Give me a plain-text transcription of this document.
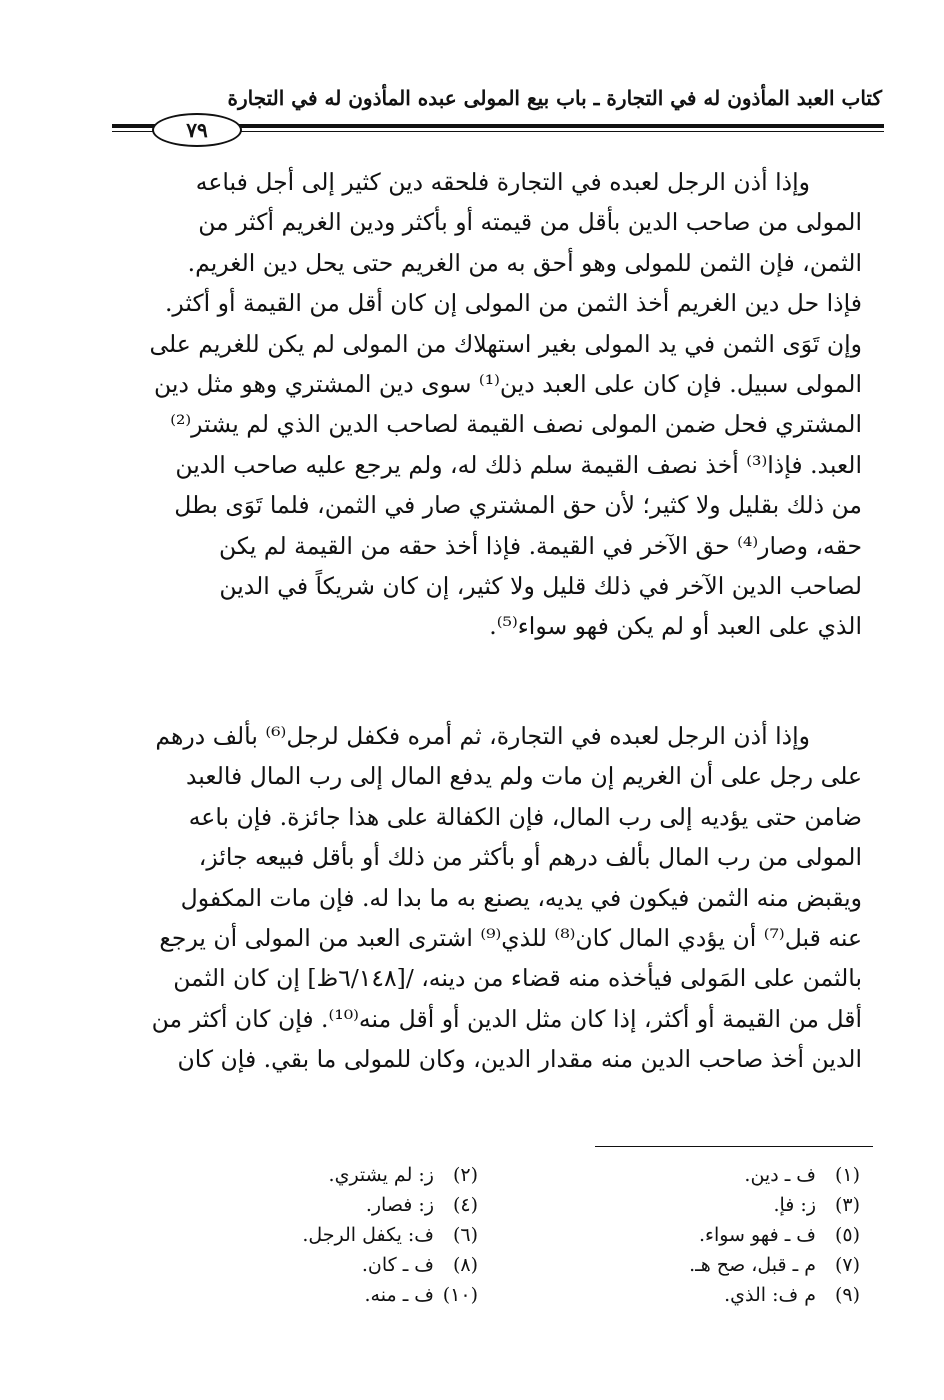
كتاب العبد المأذون له في التجارة ـ باب بيع المولى عبده المأذون له في التجارة
٧٩
وإذا أذن الرجل لعبده في التجارة فلحقه دين كثير إلى أجل فباعه
المولى من صاحب الدين بأقل من قيمته أو بأكثر ودين الغريم أكثر من
الثمن، فإن الثمن للمولى وهو أحق به من الغريم حتى يحل دين الغريم.
فإذا حل دين الغريم أخذ الثمن من المولى إن كان أقل من القيمة أو أكثر.
وإن تَوَى الثمن في يد المولى بغير استهلاك من المولى لم يكن للغريم على
المولى سبيل. فإن كان على العبد دين⁽¹⁾ سوى دين المشتري وهو مثل دين
المشتري فحل ضمن المولى نصف القيمة لصاحب الدين الذي لم يشتر⁽²⁾
العبد. فإذا⁽³⁾ أخذ نصف القيمة سلم ذلك له، ولم يرجع عليه صاحب الدين
من ذلك بقليل ولا كثير؛ لأن حق المشتري صار في الثمن، فلما تَوَى بطل
حقه، وصار⁽⁴⁾ حق الآخر في القيمة. فإذا أخذ حقه من القيمة لم يكن
لصاحب الدين الآخر في ذلك قليل ولا كثير، إن كان شريكاً في الدين
الذي على العبد أو لم يكن فهو سواء⁽⁵⁾.
وإذا أذن الرجل لعبده في التجارة، ثم أمره فكفل لرجل⁽⁶⁾ بألف درهم
على رجل على أن الغريم إن مات ولم يدفع المال إلى رب المال فالعبد
ضامن حتى يؤديه إلى رب المال، فإن الكفالة على هذا جائزة. فإن باعه
المولى من رب المال بألف درهم أو بأكثر من ذلك أو بأقل فبيعه جائز،
ويقبض منه الثمن فيكون في يديه، يصنع به ما بدا له. فإن مات المكفول
عنه قبل⁽⁷⁾ أن يؤدي المال كان⁽⁸⁾ للذي⁽⁹⁾ اشترى العبد من المولى أن يرجع
بالثمن على المَولى فيأخذه منه قضاء من دينه، /[٦/١٤٨ظ] إن كان الثمن
أقل من القيمة أو أكثر، إذا كان مثل الدين أو أقل منه⁽¹⁰⁾. فإن كان أكثر من
الدين أخذ صاحب الدين منه مقدار الدين، وكان للمولى ما بقي. فإن كان
(١)
ف ـ دين.
(٣)
ز: فإ.
(٥)
ف ـ فهو سواء.
(٧)
م ـ قبل، صح هـ.
(٩)
م ف: الذي.
(٢)
ز: لم يشتري.
(٤)
ز: فصار.
(٦)
ف: يكفل الرجل.
(٨)
ف ـ كان.
(١٠)
ف ـ منه.
